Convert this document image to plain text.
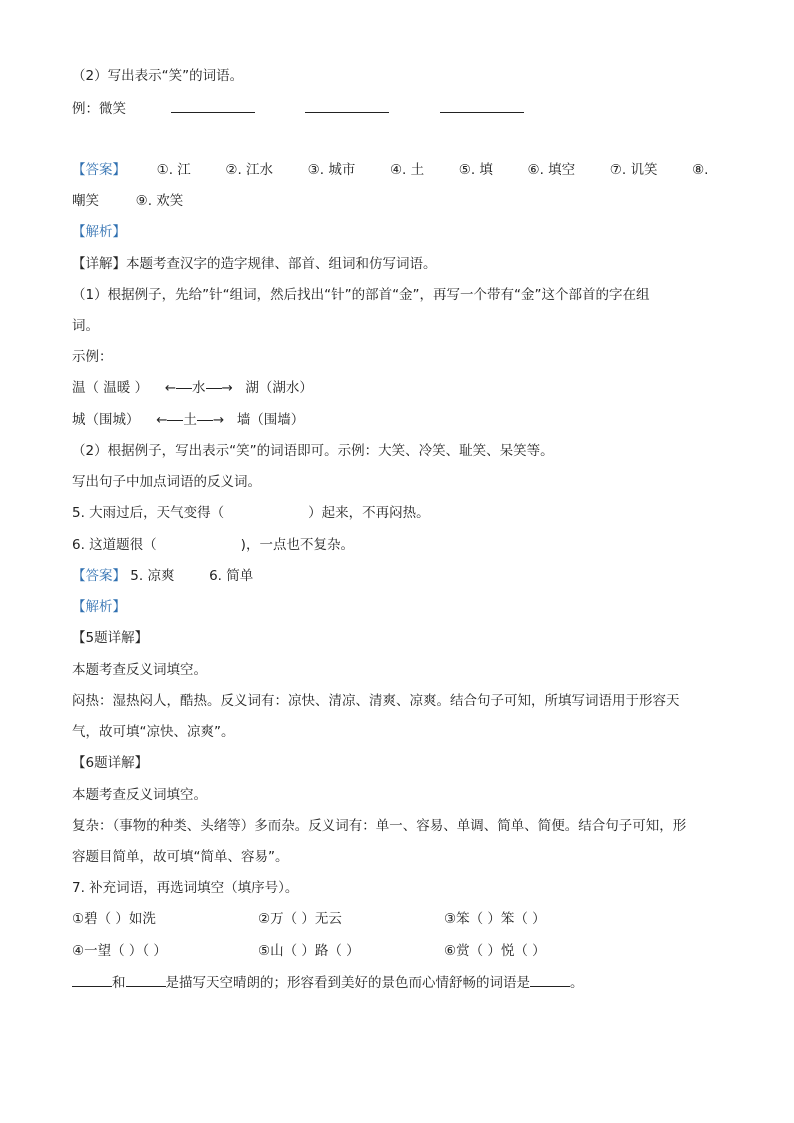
（2）写出表示“笑”的词语。
例：微笑
【答案】 ①. 江	②. 江水	③. 城市	④. 土	⑤. 填	⑥. 填空	⑦. 讥笑	⑧.
嘲笑	⑨. 欢笑
【解析】
【详解】本题考查汉字的造字规律、部首、组词和仿写词语。
（1）根据例子，先给”针“组词，然后找出“针”的部首“金”，再写一个带有“金”这个部首的字在组
词。
示例：
温（ 温暖 ） ← 水 → 湖（湖水）
城（围城） ← 土 → 墙（围墙）
（2）根据例子，写出表示“笑”的词语即可。示例：大笑、冷笑、耻笑、呆笑等。
写出句子中加点词语的反义词。
5. 大雨过后，天气变得（	）起来，不再闷热。
6. 这道题很（	)，一点也不复杂。
【答案】 5. 凉爽	6. 简单
【解析】
【5题详解】
本题考查反义词填空。
闷热：湿热闷人，酷热。反义词有：凉快、清凉、清爽、凉爽。结合句子可知，所填写词语用于形容天
气，故可填“凉快、凉爽”。
【6题详解】
本题考查反义词填空。
复杂：（事物的种类、头绪等）多而杂。反义词有：单一、容易、单调、简单、简便。结合句子可知，形
容题目简单，故可填“简单、容易”。
7. 补充词语，再选词填空（填序号）。
①碧（ ）如洗	②万（ ）无云	③笨（ ）笨（ ）
④一望（ ）（ ）	⑤山（ ）路（ ）	⑥赏（ ）悦（ ）
和	是描写天空晴朗的；形容看到美好的景色而心情舒畅的词语是	。
